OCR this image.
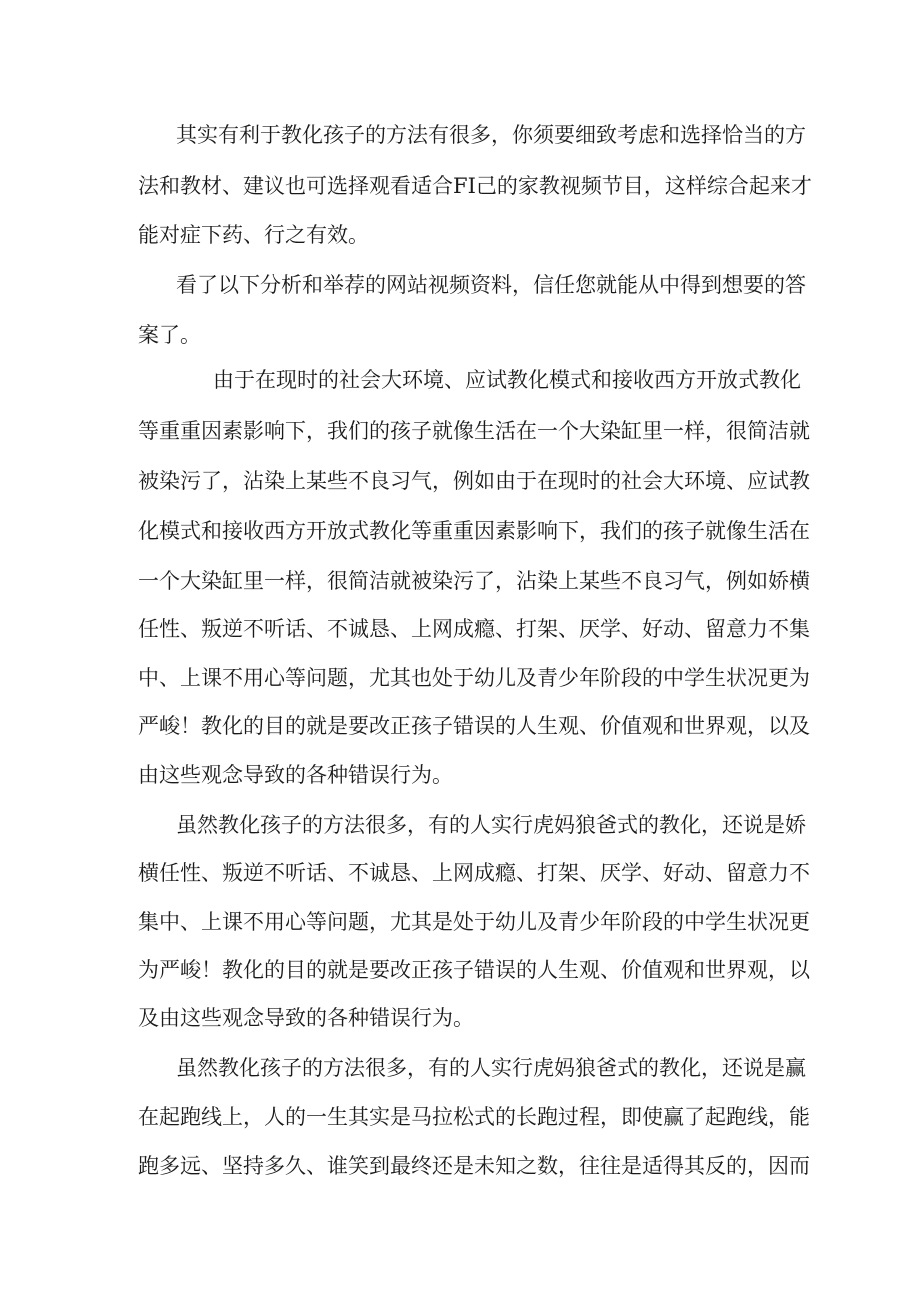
其实有利于教化孩子的方法有很多，你须要细致考虑和选择恰当的方
法和教材、建议也可选择观看适合FI己的家教视频节目，这样综合起来才
能对症下药、行之有效。
看了以下分析和举荐的网站视频资料，信任您就能从中得到想要的答
案了。
由于在现时的社会大环境、应试教化模式和接收西方开放式教化
等重重因素影响下，我们的孩子就像生活在一个大染缸里一样，很简洁就
被染污了，沾染上某些不良习气，例如由于在现时的社会大环境、应试教
化模式和接收西方开放式教化等重重因素影响下，我们的孩子就像生活在
一个大染缸里一样，很简洁就被染污了，沾染上某些不良习气，例如娇横
任性、叛逆不听话、不诚恳、上网成瘾、打架、厌学、好动、留意力不集
中、上课不用心等问题，尤其也处于幼儿及青少年阶段的中学生状况更为
严峻！教化的目的就是要改正孩子错误的人生观、价值观和世界观，以及
由这些观念导致的各种错误行为。
虽然教化孩子的方法很多，有的人实行虎妈狼爸式的教化，还说是娇
横任性、叛逆不听话、不诚恳、上网成瘾、打架、厌学、好动、留意力不
集中、上课不用心等问题，尤其是处于幼儿及青少年阶段的中学生状况更
为严峻！教化的目的就是要改正孩子错误的人生观、价值观和世界观，以
及由这些观念导致的各种错误行为。
虽然教化孩子的方法很多，有的人实行虎妈狼爸式的教化，还说是赢
在起跑线上，人的一生其实是马拉松式的长跑过程，即使赢了起跑线，能
跑多远、坚持多久、谁笑到最终还是未知之数，往往是适得其反的，因而
